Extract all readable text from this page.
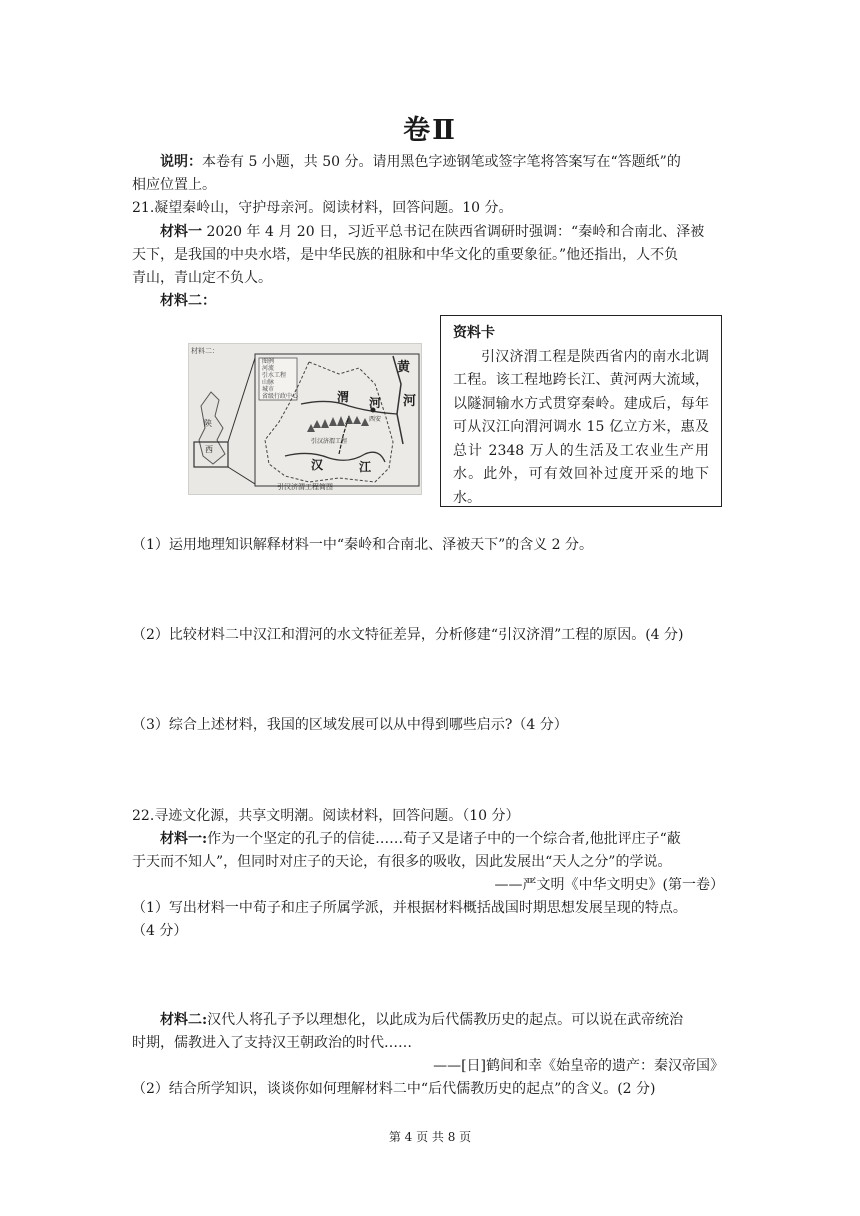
卷Ⅱ
说明：本卷有 5 小题，共 50 分。请用黑色字迹钢笔或签字笔将答案写在“答题纸”的
相应位置上。
21.凝望秦岭山，守护母亲河。阅读材料，回答问题。10 分。
材料一 2020 年 4 月 20 日，习近平总书记在陕西省调研时强调：“秦岭和合南北、泽被
天下，是我国的中央水塔，是中华民族的祖脉和中华文化的重要象征。”他还指出，人不负
青山，青山定不负人。
材料二：
材料二：
图例
河流
引水工程
山脉
城市
省级行政中心
黄
河
渭 河
西安
引汉济渭工程
汉	江
陕
西
引汉济渭工程简图
资料卡
引汉济渭工程是陕西省内的南水北调工程。该工程地跨长江、黄河两大流域，以隧洞输水方式贯穿秦岭。建成后，每年可从汉江向渭河调水 15 亿立方米，惠及总计 2348 万人的生活及工农业生产用水。此外，可有效回补过度开采的地下水。
（1）运用地理知识解释材料一中“秦岭和合南北、泽被天下”的含义 2 分。
（2）比较材料二中汉江和渭河的水文特征差异，分析修建“引汉济渭”工程的原因。(4 分)
（3）综合上述材料，我国的区域发展可以从中得到哪些启示?（4 分）
22.寻迹文化源，共享文明潮。阅读材料，回答问题。（10 分）
材料一:作为一个坚定的孔子的信徒……荀子又是诸子中的一个综合者,他批评庄子“蔽
于天而不知人”，但同时对庄子的天论，有很多的吸收，因此发展出“天人之分”的学说。
——严文明《中华文明史》(第一卷）
（1）写出材料一中荀子和庄子所属学派，并根据材料概括战国时期思想发展呈现的特点。
（4 分）
材料二:汉代人将孔子予以理想化，以此成为后代儒教历史的起点。可以说在武帝统治
时期，儒教进入了支持汉王朝政治的时代……
——[日]鹤间和幸《始皇帝的遗产：秦汉帝国》
（2）结合所学知识，谈谈你如何理解材料二中“后代儒教历史的起点”的含义。(2 分)
第 4 页 共 8 页
